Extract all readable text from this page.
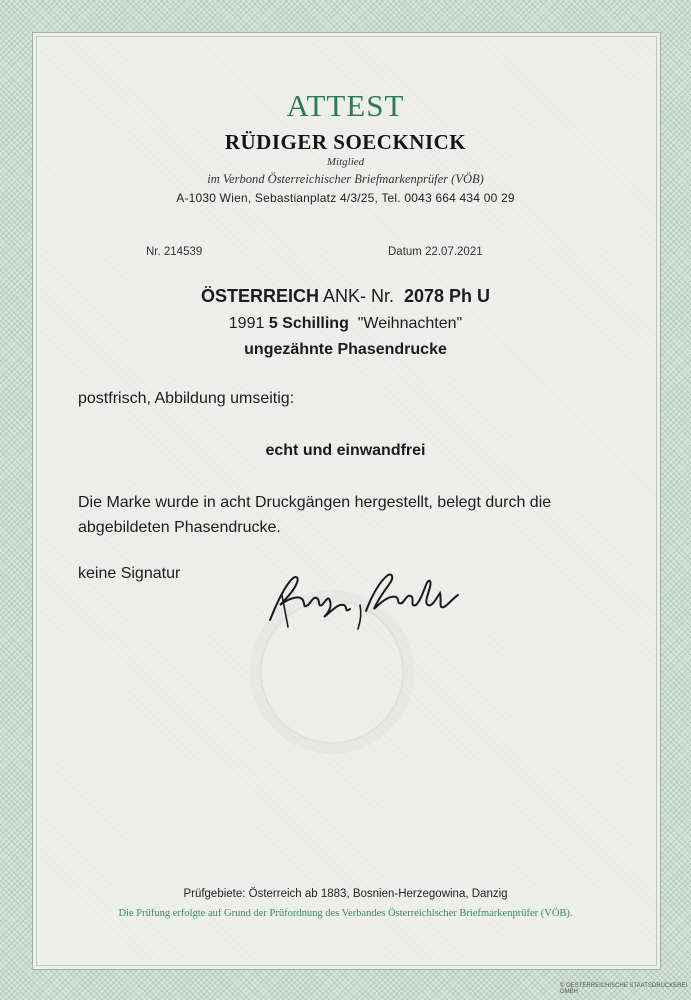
ATTEST
RÜDIGER SOECKNICK
Mitglied
im Verbond Österreichischer Briefmarkenprüfer (VÖB)
A-1030 Wien, Sebastianplatz 4/3/25, Tel. 0043 664 434 00 29
Nr. 214539	Datum 22.07.2021
ÖSTERREICH ANK- Nr. 2078 Ph U
1991 5 Schilling "Weihnachten"
ungezähnte Phasendrucke
postfrisch, Abbildung umseitig:
echt und einwandfrei
Die Marke wurde in acht Druckgängen hergestellt, belegt durch die abgebildeten Phasendrucke.
keine Signatur
Prüfgebiete: Österreich ab 1883, Bosnien-Herzegowina, Danzig
Die Prüfung erfolgte auf Grund der Prüfordnung des Verbandes Österreichischer Briefmarkenprüfer (VÖB).
© OESTERREICHISCHE STAATSDRUCKEREI GMBH
